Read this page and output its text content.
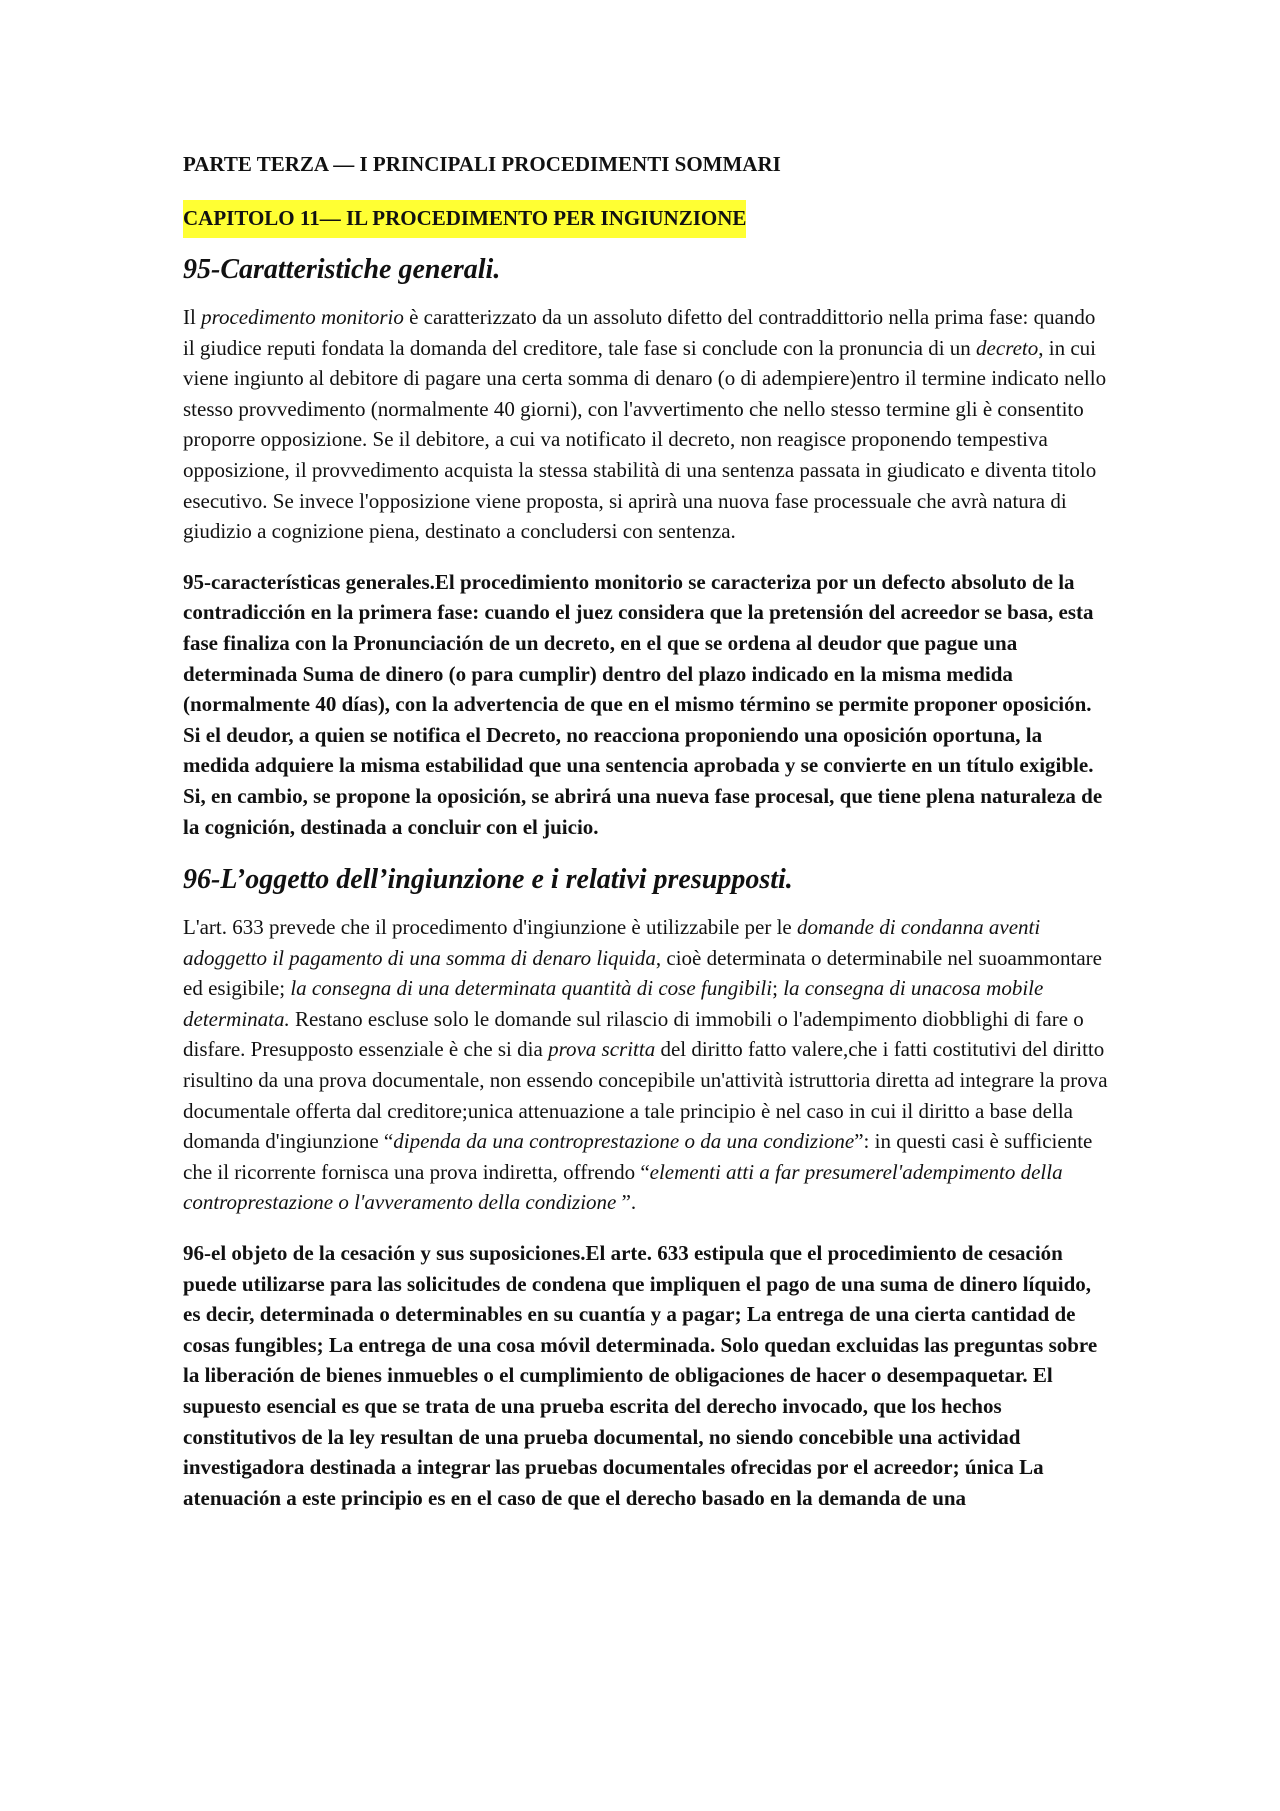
PARTE TERZA — I PRINCIPALI PROCEDIMENTI SOMMARI
CAPITOLO 11— IL PROCEDIMENTO PER INGIUNZIONE
95-Caratteristiche generali.

Il procedimento monitorio è caratterizzato da un assoluto difetto del contraddittorio nella prima fase: quando il giudice reputi fondata la domanda del creditore, tale fase si conclude con la pronuncia di un decreto, in cui viene ingiunto al debitore di pagare una certa somma di denaro (o di adempiere)entro il termine indicato nello stesso provvedimento (normalmente 40 giorni), con l'avvertimento che nello stesso termine gli è consentito proporre opposizione. Se il debitore, a cui va notificato il decreto, non reagisce proponendo tempestiva opposizione, il provvedimento acquista la stessa stabilità di una sentenza passata in giudicato e diventa titolo esecutivo. Se invece l'opposizione viene proposta, si aprirà una nuova fase processuale che avrà natura di giudizio a cognizione piena, destinato a concludersi con sentenza.

95-características generales.El procedimiento monitorio se caracteriza por un defecto absoluto de la contradicción en la primera fase: cuando el juez considera que la pretensión del acreedor se basa, esta fase finaliza con la Pronunciación de un decreto, en el que se ordena al deudor que pague una determinada Suma de dinero (o para cumplir) dentro del plazo indicado en la misma medida (normalmente 40 días), con la advertencia de que en el mismo término se permite proponer oposición. Si el deudor, a quien se notifica el Decreto, no reacciona proponiendo una oposición oportuna, la medida adquiere la misma estabilidad que una sentencia aprobada y se convierte en un título exigible. Si, en cambio, se propone la oposición, se abrirá una nueva fase procesal, que tiene plena naturaleza de la cognición, destinada a concluir con el juicio.

96-L’oggetto dell’ingiunzione e i relativi presupposti.

L'art. 633 prevede che il procedimento d'ingiunzione è utilizzabile per le domande di condanna aventi adoggetto il pagamento di una somma di denaro liquida, cioè determinata o determinabile nel suoammontare ed esigibile; la consegna di una determinata quantità di cose fungibili; la consegna di unacosa mobile determinata. Restano escluse solo le domande sul rilascio di immobili o l'adempimento diobblighi di fare o disfare. Presupposto essenziale è che si dia prova scritta del diritto fatto valere,che i fatti costitutivi del diritto risultino da una prova documentale, non essendo concepibile un'attività istruttoria diretta ad integrare la prova documentale offerta dal creditore;unica attenuazione a tale principio è nel caso in cui il diritto a base della domanda d'ingiunzione “dipenda da una controprestazione o da una condizione”: in questi casi è sufficiente che il ricorrente fornisca una prova indiretta, offrendo “elementi atti a far presumerel'adempimento della controprestazione o l'avveramento della condizione ”.

96-el objeto de la cesación y sus suposiciones.El arte. 633 estipula que el procedimiento de cesación puede utilizarse para las solicitudes de condena que impliquen el pago de una suma de dinero líquido, es decir, determinada o determinables en su cuantía y a pagar; La entrega de una cierta cantidad de cosas fungibles; La entrega de una cosa móvil determinada. Solo quedan excluidas las preguntas sobre la liberación de bienes inmuebles o el cumplimiento de obligaciones de hacer o desempaquetar. El supuesto esencial es que se trata de una prueba escrita del derecho invocado, que los hechos constitutivos de la ley resultan de una prueba documental, no siendo concebible una actividad investigadora destinada a integrar las pruebas documentales ofrecidas por el acreedor; única La atenuación a este principio es en el caso de que el derecho basado en la demanda de una
